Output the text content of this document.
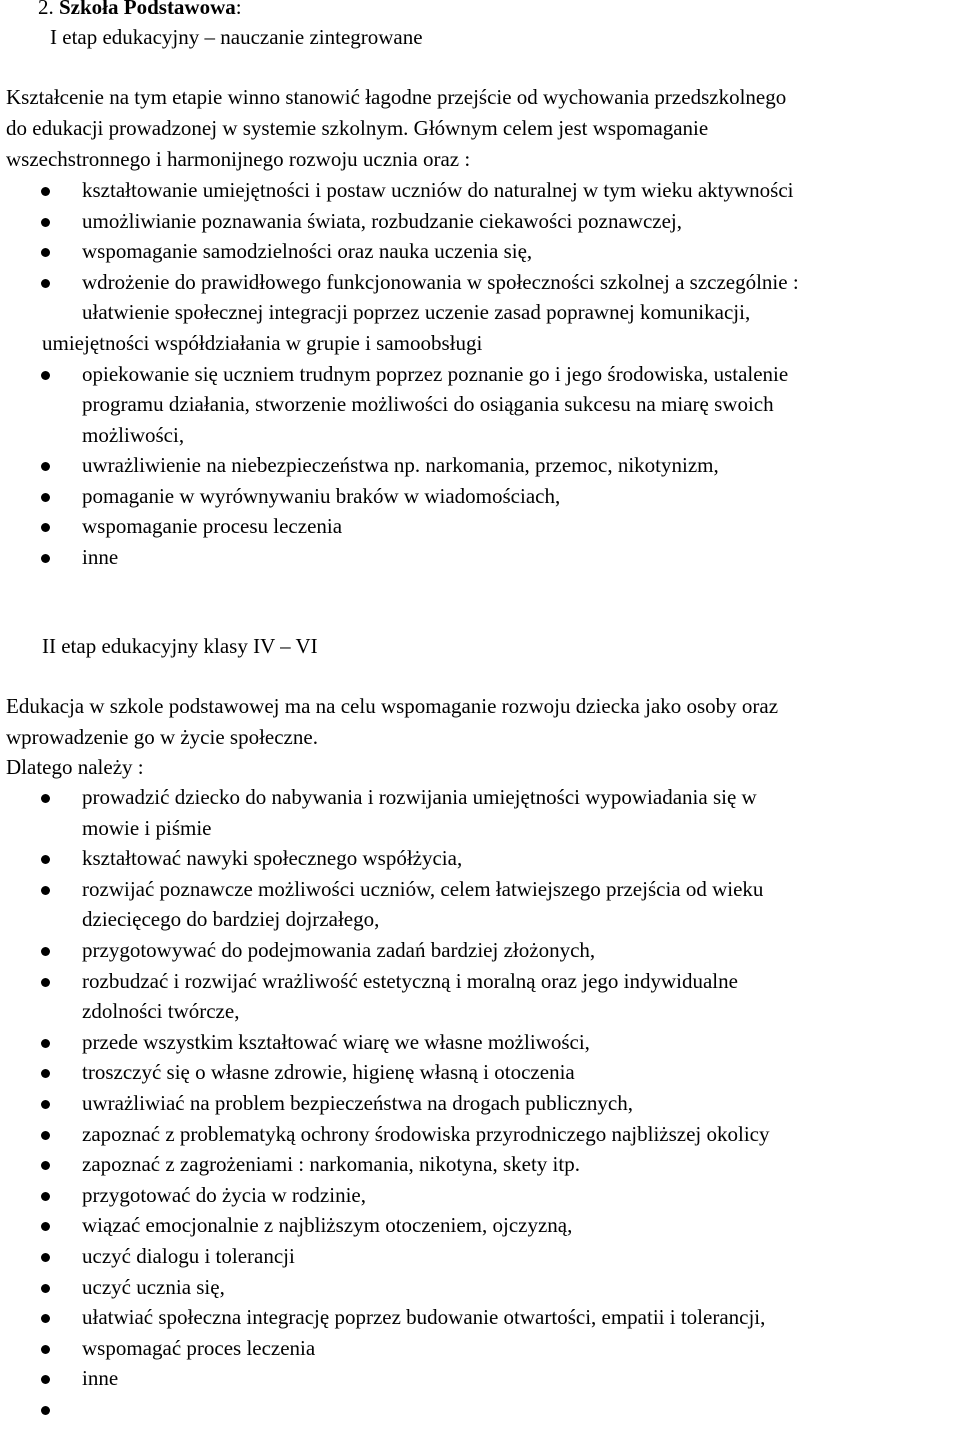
2. Szkoła Podstawowa:
I etap edukacyjny – nauczanie zintegrowane
Kształcenie na tym etapie winno stanowić łagodne przejście od wychowania przedszkolnego
do edukacji prowadzonej w systemie szkolnym. Głównym celem jest wspomaganie
wszechstronnego i harmonijnego rozwoju ucznia oraz :
kształtowanie umiejętności i postaw uczniów do naturalnej w tym wieku aktywności
umożliwianie poznawania świata, rozbudzanie ciekawości poznawczej,
wspomaganie samodzielności oraz nauka uczenia się,
wdrożenie do prawidłowego funkcjonowania w społeczności szkolnej a szczególnie :
ułatwienie społecznej integracji poprzez uczenie zasad poprawnej komunikacji,
umiejętności współdziałania w grupie i samoobsługi
opiekowanie się uczniem trudnym poprzez poznanie go i jego środowiska, ustalenie
programu działania, stworzenie możliwości do osiągania sukcesu na miarę swoich
możliwości,
uwrażliwienie na niebezpieczeństwa np. narkomania, przemoc, nikotynizm,
pomaganie w wyrównywaniu braków w wiadomościach,
wspomaganie procesu leczenia
inne
II etap edukacyjny klasy IV – VI
Edukacja w szkole podstawowej ma na celu wspomaganie rozwoju dziecka jako osoby oraz
wprowadzenie go w życie społeczne.
Dlatego należy :
prowadzić dziecko do nabywania i rozwijania umiejętności wypowiadania się w
mowie i piśmie
kształtować nawyki społecznego współżycia,
rozwijać poznawcze możliwości uczniów, celem łatwiejszego przejścia od wieku
dziecięcego do bardziej dojrzałego,
przygotowywać do podejmowania zadań bardziej złożonych,
rozbudzać i rozwijać wrażliwość estetyczną i moralną oraz jego indywidualne
zdolności twórcze,
przede wszystkim kształtować wiarę we własne możliwości,
troszczyć się o własne zdrowie, higienę własną i otoczenia
uwrażliwiać na problem bezpieczeństwa na drogach publicznych,
zapoznać z problematyką ochrony środowiska przyrodniczego najbliższej okolicy
zapoznać z zagrożeniami : narkomania, nikotyna, skety itp.
przygotować do życia w rodzinie,
wiązać emocjonalnie z najbliższym otoczeniem, ojczyzną,
uczyć dialogu i tolerancji
uczyć ucznia się,
ułatwiać społeczna integrację poprzez budowanie otwartości, empatii i tolerancji,
wspomagać proces leczenia
inne
